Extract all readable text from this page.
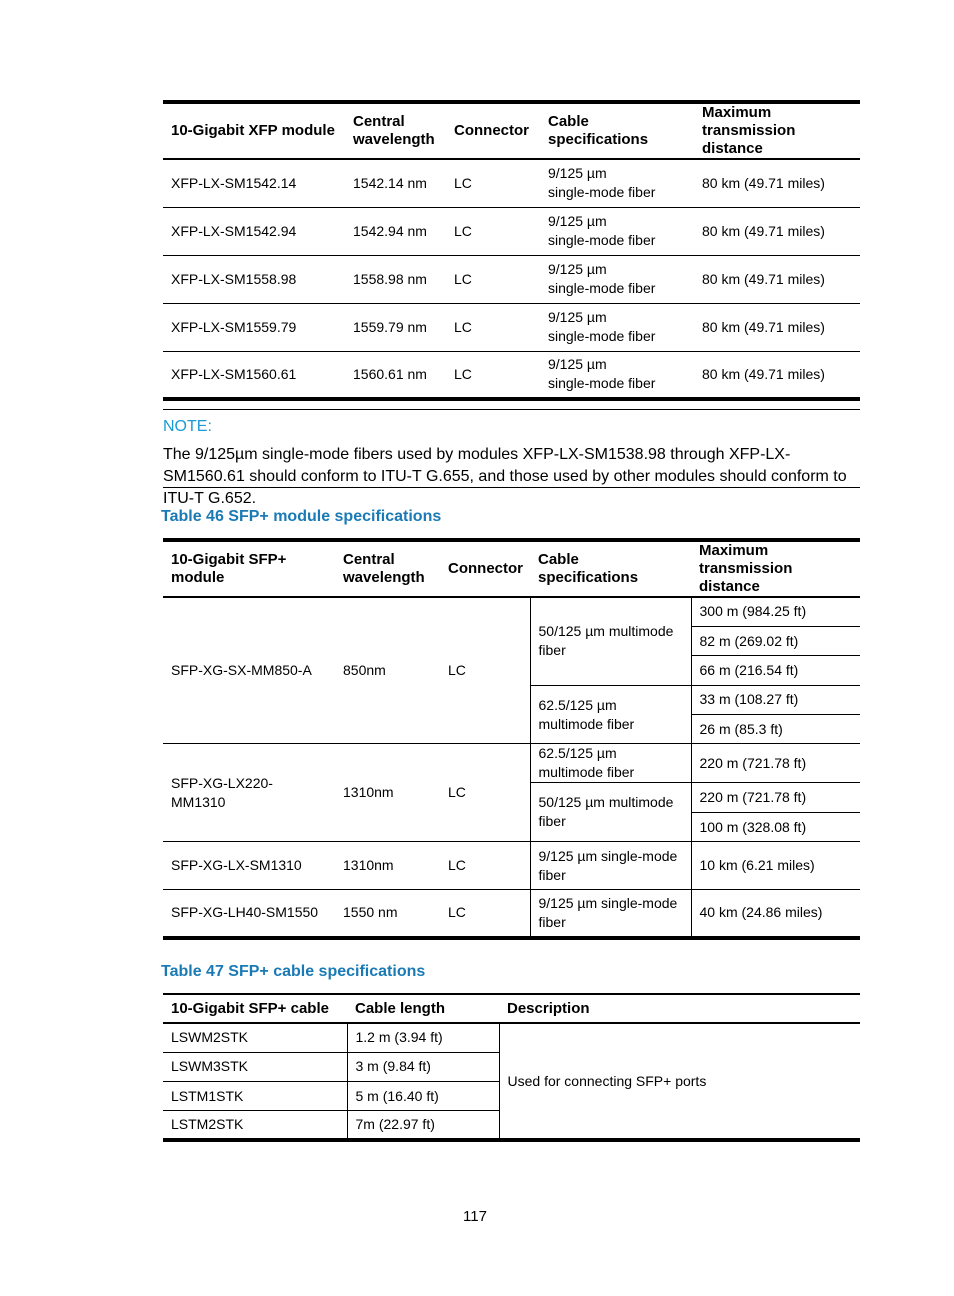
10-Gigabit XFP module	Central
wavelength	Connector	Cable specifications	Maximum
transmission distance
XFP-LX-SM1542.14	1542.14 nm	LC	9/125 µm
single-mode fiber	80 km (49.71 miles)
XFP-LX-SM1542.94	1542.94 nm	LC	9/125 µm
single-mode fiber	80 km (49.71 miles)
XFP-LX-SM1558.98	1558.98 nm	LC	9/125 µm
single-mode fiber	80 km (49.71 miles)
XFP-LX-SM1559.79	1559.79 nm	LC	9/125 µm
single-mode fiber	80 km (49.71 miles)
XFP-LX-SM1560.61	1560.61 nm	LC	9/125 µm
single-mode fiber	80 km (49.71 miles)
NOTE:
The 9/125µm single-mode fibers used by modules XFP-LX-SM1538.98 through XFP-LX-SM1560.61 should conform to ITU-T G.655, and those used by other modules should conform to ITU-T G.652.
Table 46 SFP+ module specifications
10-Gigabit SFP+
module	Central
wavelength	Connector	Cable specifications	Maximum
transmission distance
SFP-XG-SX-MM850-A	850nm	LC	50/125 µm multimode fiber	300 m (984.25 ft)
				82 m (269.02 ft)
				66 m (216.54 ft)
			62.5/125 µm multimode fiber	33 m (108.27 ft)
				26 m (85.3 ft)
SFP-XG-LX220-MM1310	1310nm	LC	62.5/125 µm multimode fiber	220 m (721.78 ft)
			50/125 µm multimode fiber	220 m (721.78 ft)
				100 m (328.08 ft)
SFP-XG-LX-SM1310	1310nm	LC	9/125 µm single-mode fiber	10 km (6.21 miles)
SFP-XG-LH40-SM1550	1550 nm	LC	9/125 µm single-mode fiber	40 km (24.86 miles)
Table 47 SFP+ cable specifications
10-Gigabit SFP+ cable	Cable length	Description
LSWM2STK	1.2 m (3.94 ft)	Used for connecting SFP+ ports
LSWM3STK	3 m (9.84 ft)	
LSTM1STK	5 m (16.40 ft)	
LSTM2STK	7m (22.97 ft)	
117
